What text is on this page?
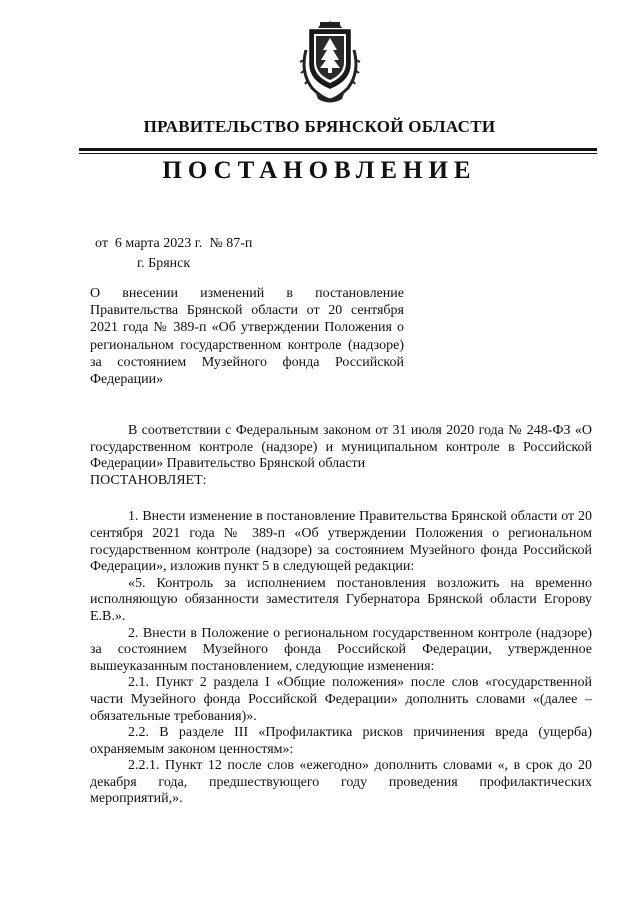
ПРАВИТЕЛЬСТВО БРЯНСКОЙ ОБЛАСТИ
ПОСТАНОВЛЕНИЕ
от  6 марта 2023 г.  № 87-п
г. Брянск

О внесении изменений в постановление Правительства Брянской области от 20 сентября 2021 года № 389-п «Об утверждении Положения о региональном государственном контроле (надзоре) за состоянием Музейного фонда Российской Федерации»

В соответствии с Федеральным законом от 31 июля 2020 года № 248-ФЗ «О государственном контроле (надзоре) и муниципальном контроле в Российской Федерации» Правительство Брянской области

ПОСТАНОВЛЯЕТ:

1. Внести изменение в постановление Правительства Брянской области от 20 сентября 2021 года № 389-п «Об утверждении Положения о региональном государственном контроле (надзоре) за состоянием Музейного фонда Российской Федерации», изложив пункт 5 в следующей редакции:

«5. Контроль за исполнением постановления возложить на временно исполняющую обязанности заместителя Губернатора Брянской области Егорову Е.В.».

2. Внести в Положение о региональном государственном контроле (надзоре) за состоянием Музейного фонда Российской Федерации, утвержденное вышеуказанным постановлением, следующие изменения:

2.1. Пункт 2 раздела I «Общие положения» после слов «государственной части Музейного фонда Российской Федерации» дополнить словами «(далее – обязательные требования)».

2.2. В разделе III «Профилактика рисков причинения вреда (ущерба) охраняемым законом ценностям»:

2.2.1. Пункт 12 после слов «ежегодно» дополнить словами «, в срок до 20 декабря года, предшествующего году проведения профилактических мероприятий,».
